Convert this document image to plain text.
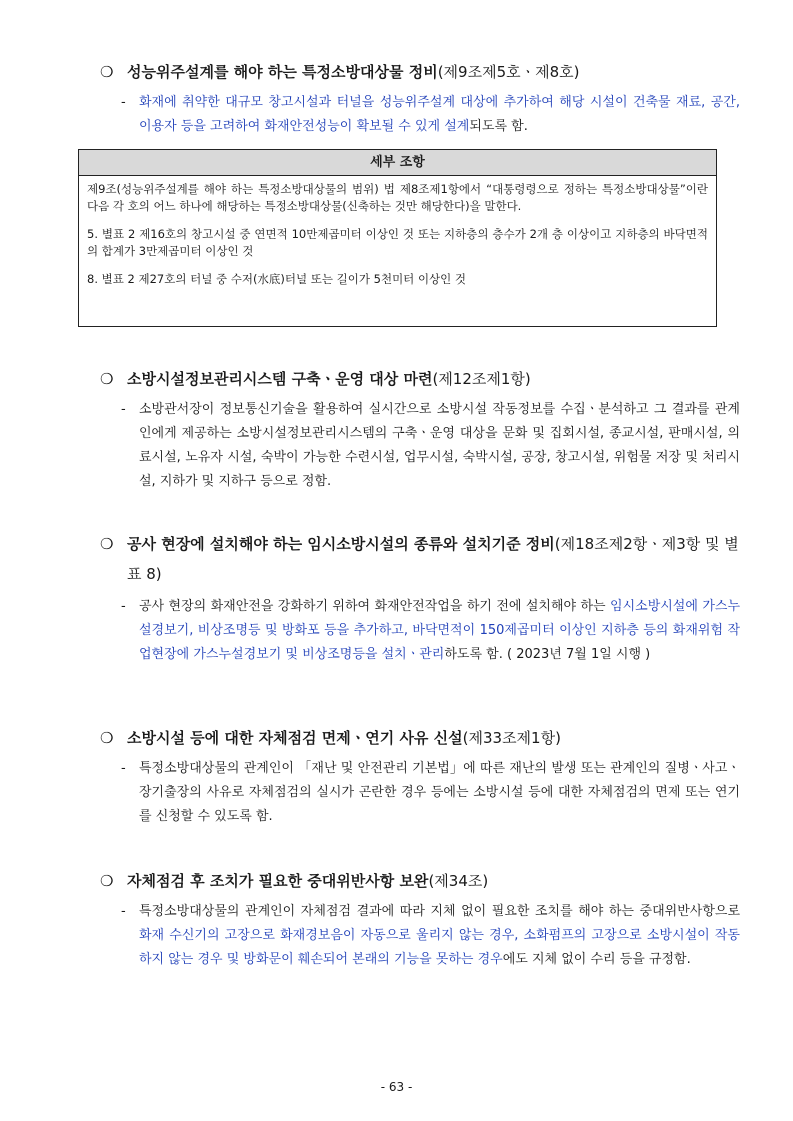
❍ 성능위주설계를 해야 하는 특정소방대상물 정비(제9조제5호ㆍ제8호)
- 화재에 취약한 대규모 창고시설과 터널을 성능위주설계 대상에 추가하여 해당 시설이 건축물 재료, 공간, 이용자 등을 고려하여 화재안전성능이 확보될 수 있게 설계되도록 함.
세부 조항

제9조(성능위주설계를 해야 하는 특정소방대상물의 범위) 법 제8조제1항에서 “대통령령으로 정하는 특정소방대상물”이란 다음 각 호의 어느 하나에 해당하는 특정소방대상물(신축하는 것만 해당한다)을 말한다.

5. 별표 2 제16호의 창고시설 중 연면적 10만제곱미터 이상인 것 또는 지하층의 층수가 2개 층 이상이고 지하층의 바닥면적의 합계가 3만제곱미터 이상인 것

8. 별표 2 제27호의 터널 중 수저(水底)터널 또는 길이가 5천미터 이상인 것

❍ 소방시설정보관리시스템 구축ㆍ운영 대상 마련(제12조제1항)
- 소방관서장이 정보통신기술을 활용하여 실시간으로 소방시설 작동정보를 수집ㆍ분석하고 그 결과를 관계인에게 제공하는 소방시설정보관리시스템의 구축ㆍ운영 대상을 문화 및 집회시설, 종교시설, 판매시설, 의료시설, 노유자 시설, 숙박이 가능한 수련시설, 업무시설, 숙박시설, 공장, 창고시설, 위험물 저장 및 처리시설, 지하가 및 지하구 등으로 정함.
❍ 공사 현장에 설치해야 하는 임시소방시설의 종류와 설치기준 정비(제18조제2항ㆍ제3항 및 별표 8)
- 공사 현장의 화재안전을 강화하기 위하여 화재안전작업을 하기 전에 설치해야 하는 임시소방시설에 가스누설경보기, 비상조명등 및 방화포 등을 추가하고, 바닥면적이 150제곱미터 이상인 지하층 등의 화재위험 작업현장에 가스누설경보기 및 비상조명등을 설치ㆍ관리하도록 함. ( 2023년 7월 1일 시행 )
❍ 소방시설 등에 대한 자체점검 면제ㆍ연기 사유 신설(제33조제1항)
- 특정소방대상물의 관계인이 「재난 및 안전관리 기본법」에 따른 재난의 발생 또는 관계인의 질병ㆍ사고ㆍ장기출장의 사유로 자체점검의 실시가 곤란한 경우 등에는 소방시설 등에 대한 자체점검의 면제 또는 연기를 신청할 수 있도록 함.
❍ 자체점검 후 조치가 필요한 중대위반사항 보완(제34조)
- 특정소방대상물의 관계인이 자체점검 결과에 따라 지체 없이 필요한 조치를 해야 하는 중대위반사항으로 화재 수신기의 고장으로 화재경보음이 자동으로 울리지 않는 경우, 소화펌프의 고장으로 소방시설이 작동하지 않는 경우 및 방화문이 훼손되어 본래의 기능을 못하는 경우에도 지체 없이 수리 등을 규정함.
- 63 -
